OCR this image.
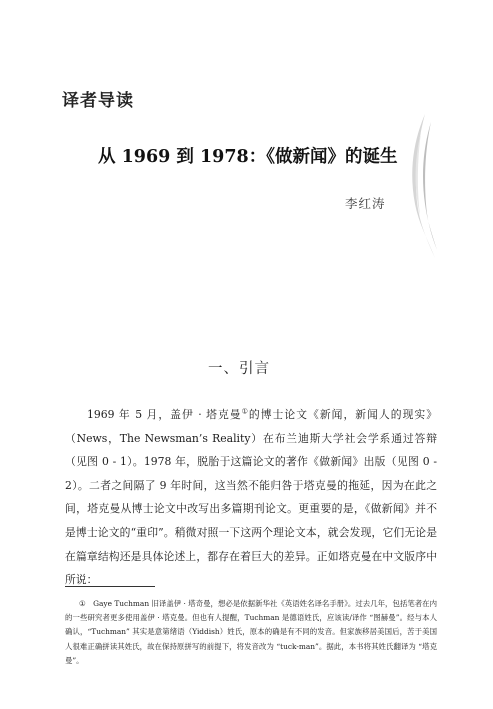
译者导读
从 1969 到 1978：《做新闻》的诞生
李红涛
一、引言

1969 年 5 月，盖伊 · 塔克曼①的博士论文《新闻，新闻人的现实》（News，The Newsman’s Reality）在布兰迪斯大学社会学系通过答辩（见图 0 - 1）。1978 年，脱胎于这篇论文的著作《做新闻》出版（见图 0 - 2）。二者之间隔了 9 年时间，这当然不能归咎于塔克曼的拖延，因为在此之间，塔克曼从博士论文中改写出多篇期刊论文。更重要的是，《做新闻》并不是博士论文的“重印”。稍微对照一下这两个理论文本，就会发现，它们无论是在篇章结构还是具体论述上，都存在着巨大的差异。正如塔克曼在中文版序中所说：

①　Gaye Tuchman 旧译盖伊 · 塔奇曼，想必是依据新华社《英语姓名译名手册》。过去几年，包括笔者在内的一些研究者更多使用盖伊 · 塔克曼。但也有人提醒，Tuchman 是德语姓氏，应该读/译作 “图赫曼”。经与本人确认，“Tuchman” 其实是意第绪语（Yiddish）姓氏，原本的确是有不同的发音。但家族移居美国后，苦于美国人很难正确拼读其姓氏，故在保持原拼写的前提下，将发音改为 “tuck-man”。据此，本书将其姓氏翻译为 “塔克曼”。
